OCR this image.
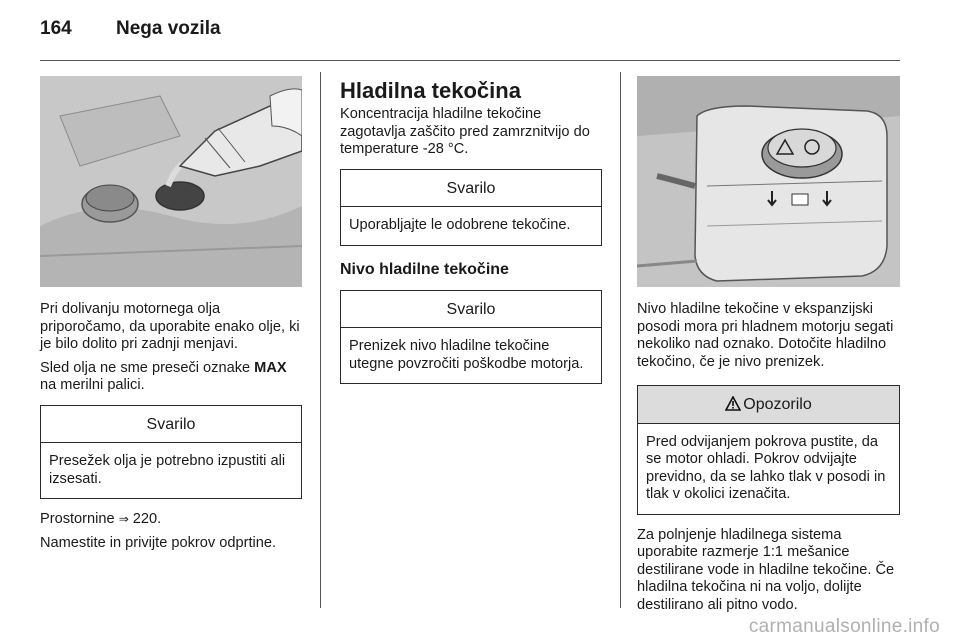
164 Nega vozila

Pri dolivanju motornega olja priporočamo, da uporabite enako olje, ki je bilo dolito pri zadnji menjavi.

Sled olja ne sme preseči oznake MAX na merilni palici.

Svarilo
Presežek olja je potrebno izpustiti ali izsesati.

Prostornine ⇒ 220.

Namestite in privijte pokrov odprtine.

Hladilna tekočina

Koncentracija hladilne tekočine zagotavlja zaščito pred zamrznitvijo do temperature -28 °C.

Svarilo
Uporabljajte le odobrene tekočine.
Nivo hladilne tekočine
Svarilo
Prenizek nivo hladilne tekočine utegne povzročiti poškodbe motorja.

Nivo hladilne tekočine v ekspanzijski posodi mora pri hladnem motorju segati nekoliko nad oznako. Dotočite hladilno tekočino, če je nivo prenizek.

Opozorilo
Pred odvijanjem pokrova pustite, da se motor ohladi. Pokrov odvijajte previdno, da se lahko tlak v posodi in tlak v okolici izenačita.

Za polnjenje hladilnega sistema uporabite razmerje 1:1 mešanice destilirane vode in hladilne tekočine. Če hladilna tekočina ni na voljo, dolijte destilirano ali pitno vodo.

carmanualsonline.info
